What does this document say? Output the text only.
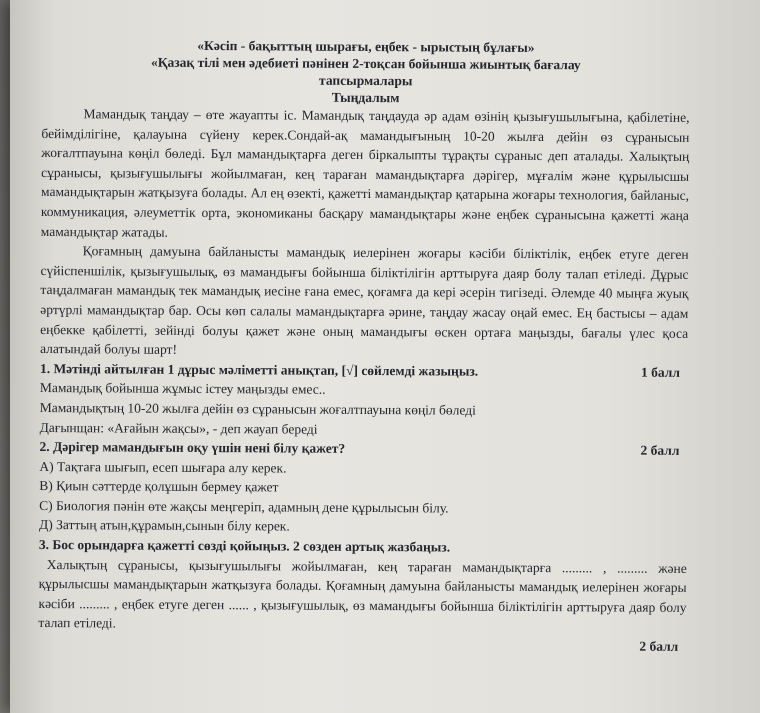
«Кәсіп - бақыттың шырағы, еңбек - ырыстың бұлағы»
«Қазақ тілі мен әдебиеті пәнінен 2-тоқсан бойынша жиынтық бағалау
тапсырмалары
Тыңдалым
Мамандық таңдау – өте жауапты іс. Мамандық таңдауда әр адам өзінің қызығушылығына, қабілетіне, бейімділігіне, қалауына сүйену керек.Сондай-ақ мамандығының 10-20 жылға дейін өз сұранысын жоғалтпауына көңіл бөледі. Бұл мамандықтарға деген біркалыпты тұрақты сұраныс деп аталады. Халықтың сұранысы, қызығушылығы жойылмаған, кең тараған мамандықтарға дәрігер, мұғалім және құрылысшы мамандықтарын жатқызуға болады. Ал ең өзекті, қажетті мамандықтар қатарына жоғары технология, байланыс, коммуникация, әлеуметтік орта, экономиканы басқару мамандықтары және еңбек сұранысына қажетті жаңа мамандықтар жатады.
Қоғамның дамуына байланысты мамандық иелерінен жоғары кәсіби біліктілік, еңбек етуге деген сүйіспеншілік, қызығушылық, өз мамандығы бойынша біліктілігін арттыруға даяр болу талап етіледі. Дұрыс таңдалмаған мамандық тек мамандық иесіне ғана емес, қоғамға да кері әсерін тигізеді. Әлемде 40 мыңға жуық әртүрлі мамандықтар бар. Осы көп салалы мамандықтарға әрине, таңдау жасау оңай емес. Ең бастысы – адам еңбекке қабілетті, зейінді болуы қажет және оның мамандығы өскен ортаға маңызды, бағалы үлес қоса алатындай болуы шарт!
1. Мәтінді айтылған 1 дұрыс мәліметті анықтап, [√] сөйлемді жазыңыз.	1 балл
Мамандық бойынша жұмыс істеу маңызды емес..
Мамандықтың 10-20 жылға дейін өз сұранысын жоғалтпауына көңіл бөледі
Дағынщан: «Ағайын жақсы», - деп жауап береді
2. Дәрігер мамандығын оқу үшін нені білу қажет?	2 балл
А) Тақтаға шығып, есеп шығара алу керек.
В) Қиын сәттерде қолұшын бермеу қажет
С) Биология пәнін өте жақсы меңгеріп, адамның дене құрылысын білу.
Д) Заттың атын,құрамын,сынын білу керек.
3. Бос орындарға қажетті сөзді қойыңыз. 2 сөзден артық жазбаңыз.
Халықтың сұранысы, қызығушылығы жойылмаған, кең тараған мамандықтарға ......... , ......... және құрылысшы мамандықтарын жатқызуға болады. Қоғамның дамуына байланысты мамандық иелерінен жоғары кәсіби ......... , еңбек етуге деген ...... , қызығушылық, өз мамандығы бойынша біліктілігін арттыруға даяр болу талап етіледі.
2 балл
